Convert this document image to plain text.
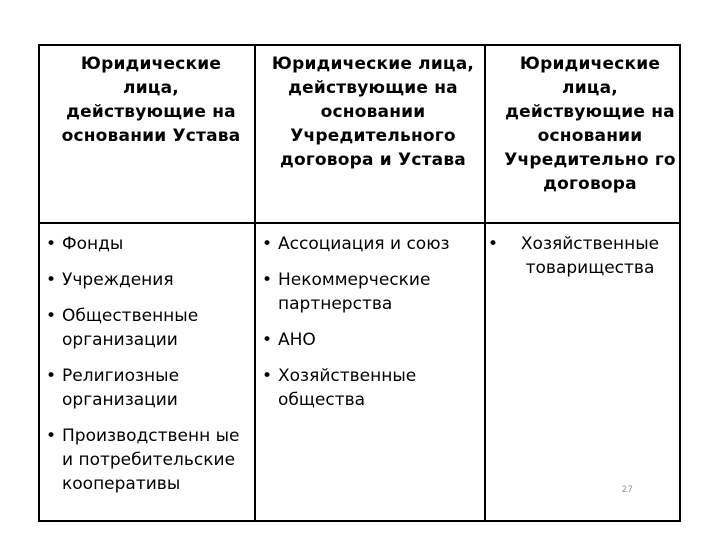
Юридические лица, действующие на основании Устава
Юридические лица, действующие на основании Учредительного договора и Устава
Юридические лица, действующие на основании Учредительно го договора
• Фонды
• Учреждения
• Общественные организации
• Религиозные организации
• Производственн ые и потребительские кооперативы
• Ассоциация и союз
• Некоммерческие партнерства
• АНО
• Хозяйственные общества
• Хозяйственные товарищества
27
